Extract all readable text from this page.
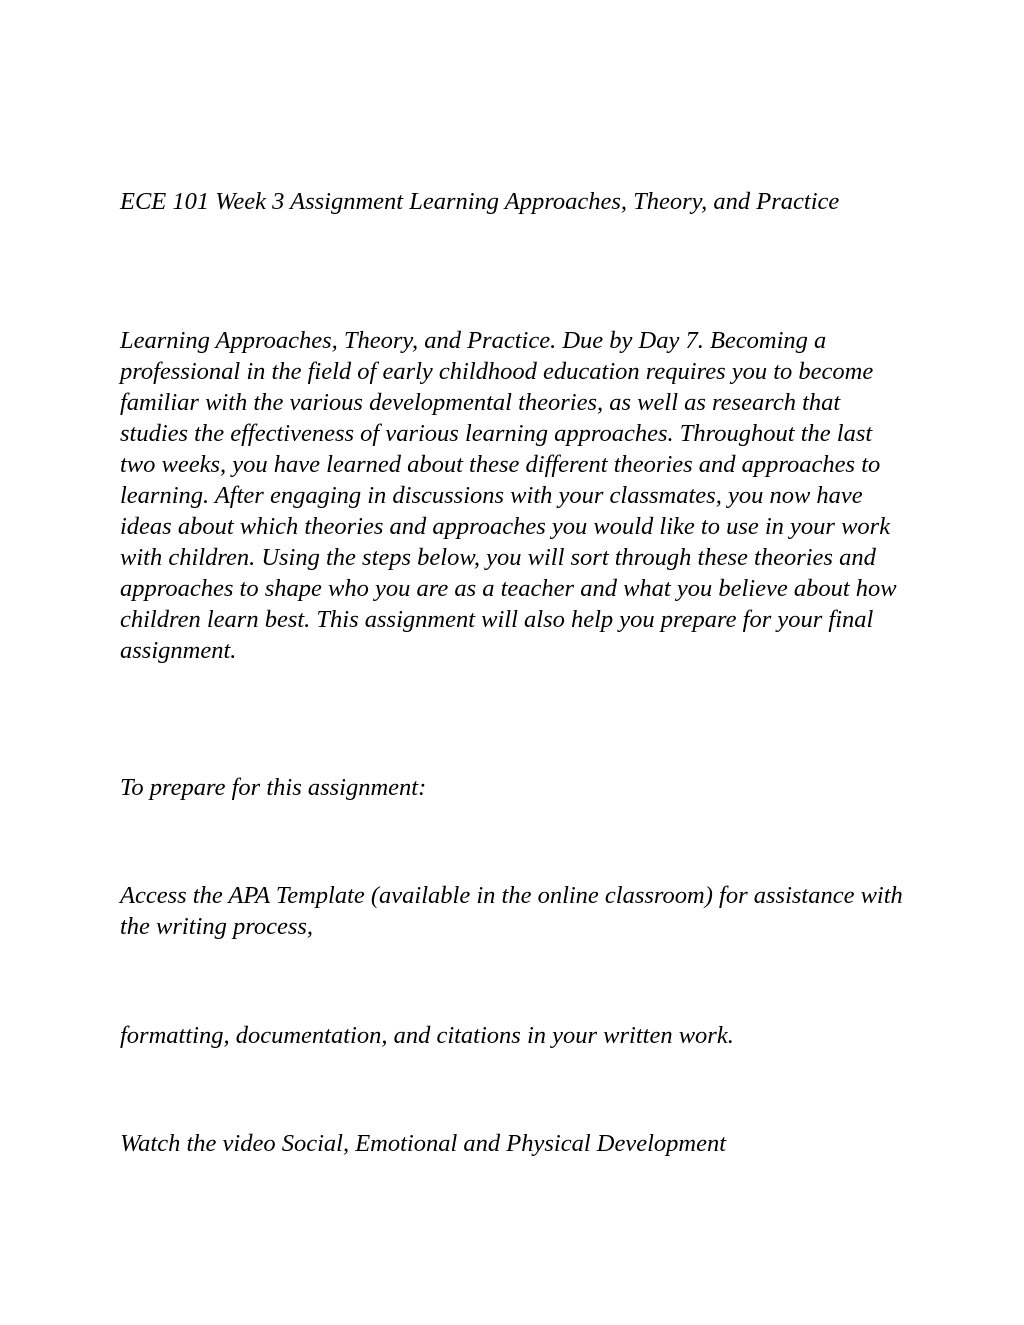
ECE 101 Week 3 Assignment Learning Approaches, Theory, and Practice

Learning Approaches, Theory, and Practice. Due by Day 7. Becoming a professional in the field of early childhood education requires you to become familiar with the various developmental theories, as well as research that studies the effectiveness of various learning approaches. Throughout the last two weeks, you have learned about these different theories and approaches to learning. After engaging in discussions with your classmates, you now have ideas about which theories and approaches you would like to use in your work with children. Using the steps below, you will sort through these theories and approaches to shape who you are as a teacher and what you believe about how children learn best. This assignment will also help you prepare for your final assignment.

To prepare for this assignment:

Access the APA Template (available in the online classroom) for assistance with the writing process,

formatting, documentation, and citations in your written work.

Watch the video Social, Emotional and Physical Development
